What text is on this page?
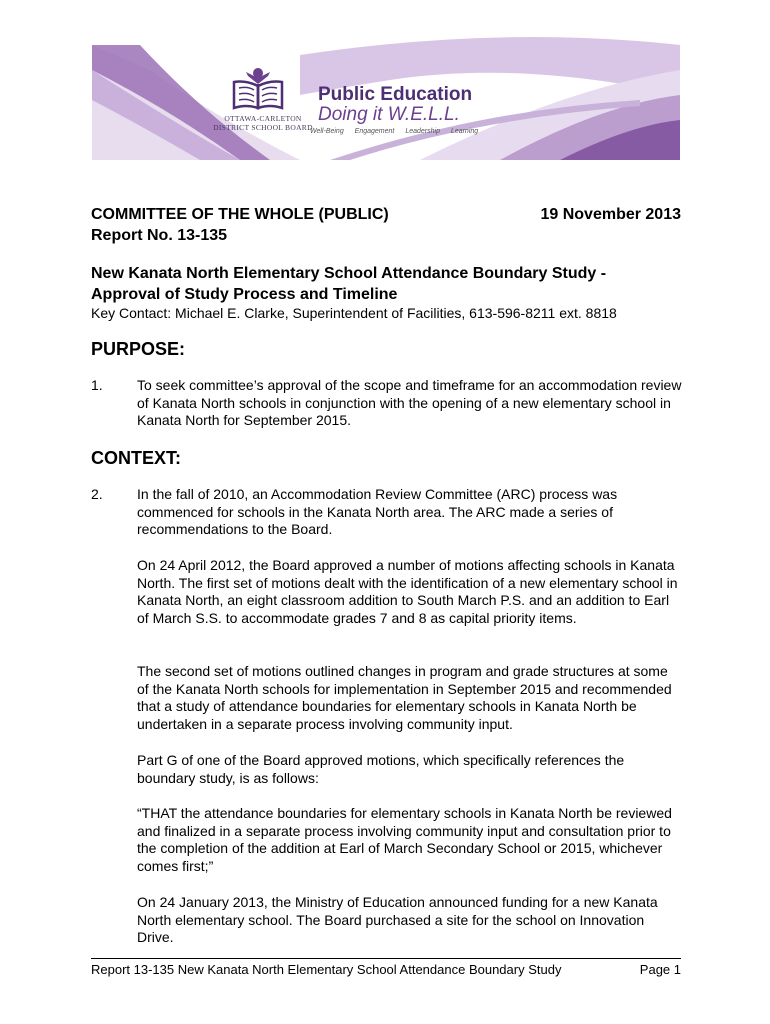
OTTAWA-CARLETON
DISTRICT SCHOOL BOARD
Public Education
Doing it W.E.L.L.
Well-Being Engagement Leadership Learning
COMMITTEE OF THE WHOLE (PUBLIC)
Report No. 13-135
19 November 2013
New Kanata North Elementary School Attendance Boundary Study -
Approval of Study Process and Timeline
Key Contact: Michael E. Clarke, Superintendent of Facilities, 613-596-8211 ext. 8818
PURPOSE:
1. To seek committee’s approval of the scope and timeframe for an accommodation review of Kanata North schools in conjunction with the opening of a new elementary school in Kanata North for September 2015.
CONTEXT:
2. In the fall of 2010, an Accommodation Review Committee (ARC) process was commenced for schools in the Kanata North area. The ARC made a series of recommendations to the Board.
On 24 April 2012, the Board approved a number of motions affecting schools in Kanata North. The first set of motions dealt with the identification of a new elementary school in Kanata North, an eight classroom addition to South March P.S. and an addition to Earl of March S.S. to accommodate grades 7 and 8 as capital priority items.
The second set of motions outlined changes in program and grade structures at some of the Kanata North schools for implementation in September 2015 and recommended that a study of attendance boundaries for elementary schools in Kanata North be undertaken in a separate process involving community input.
Part G of one of the Board approved motions, which specifically references the boundary study, is as follows:
“THAT the attendance boundaries for elementary schools in Kanata North be reviewed and finalized in a separate process involving community input and consultation prior to the completion of the addition at Earl of March Secondary School or 2015, whichever comes first;”
On 24 January 2013, the Ministry of Education announced funding for a new Kanata North elementary school. The Board purchased a site for the school on Innovation Drive.
Report 13-135 New Kanata North Elementary School Attendance Boundary Study	Page 1
